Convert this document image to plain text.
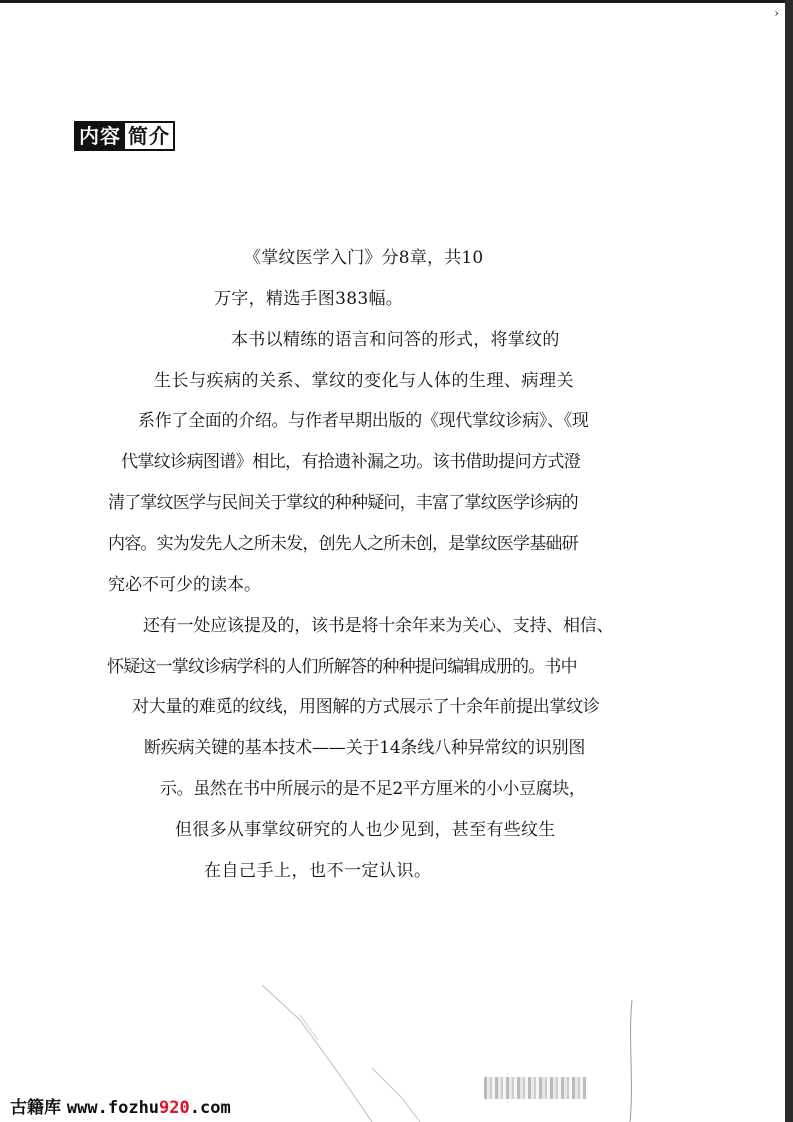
›
内容 简介
《掌纹医学入门》分8章，共10
万字，精选手图383幅。
本书以精练的语言和问答的形式，将掌纹的
生长与疾病的关系、掌纹的变化与人体的生理、病理关
系作了全面的介绍。与作者早期出版的《现代掌纹诊病》、《现
代掌纹诊病图谱》相比，有拾遗补漏之功。该书借助提问方式澄
清了掌纹医学与民间关于掌纹的种种疑问，丰富了掌纹医学诊病的
内容。实为发先人之所未发，创先人之所未创，是掌纹医学基础研
究必不可少的读本。
还有一处应该提及的，该书是将十余年来为关心、支持、相信、
怀疑这一掌纹诊病学科的人们所解答的种种提问编辑成册的。书中
对大量的难觅的纹线，用图解的方式展示了十余年前提出掌纹诊
断疾病关键的基本技术——关于14条线八种异常纹的识别图
示。虽然在书中所展示的是不足2平方厘米的小小豆腐块，
但很多从事掌纹研究的人也少见到，甚至有些纹生
在自己手上，也不一定认识。
古籍库 www.fozhu920.com
